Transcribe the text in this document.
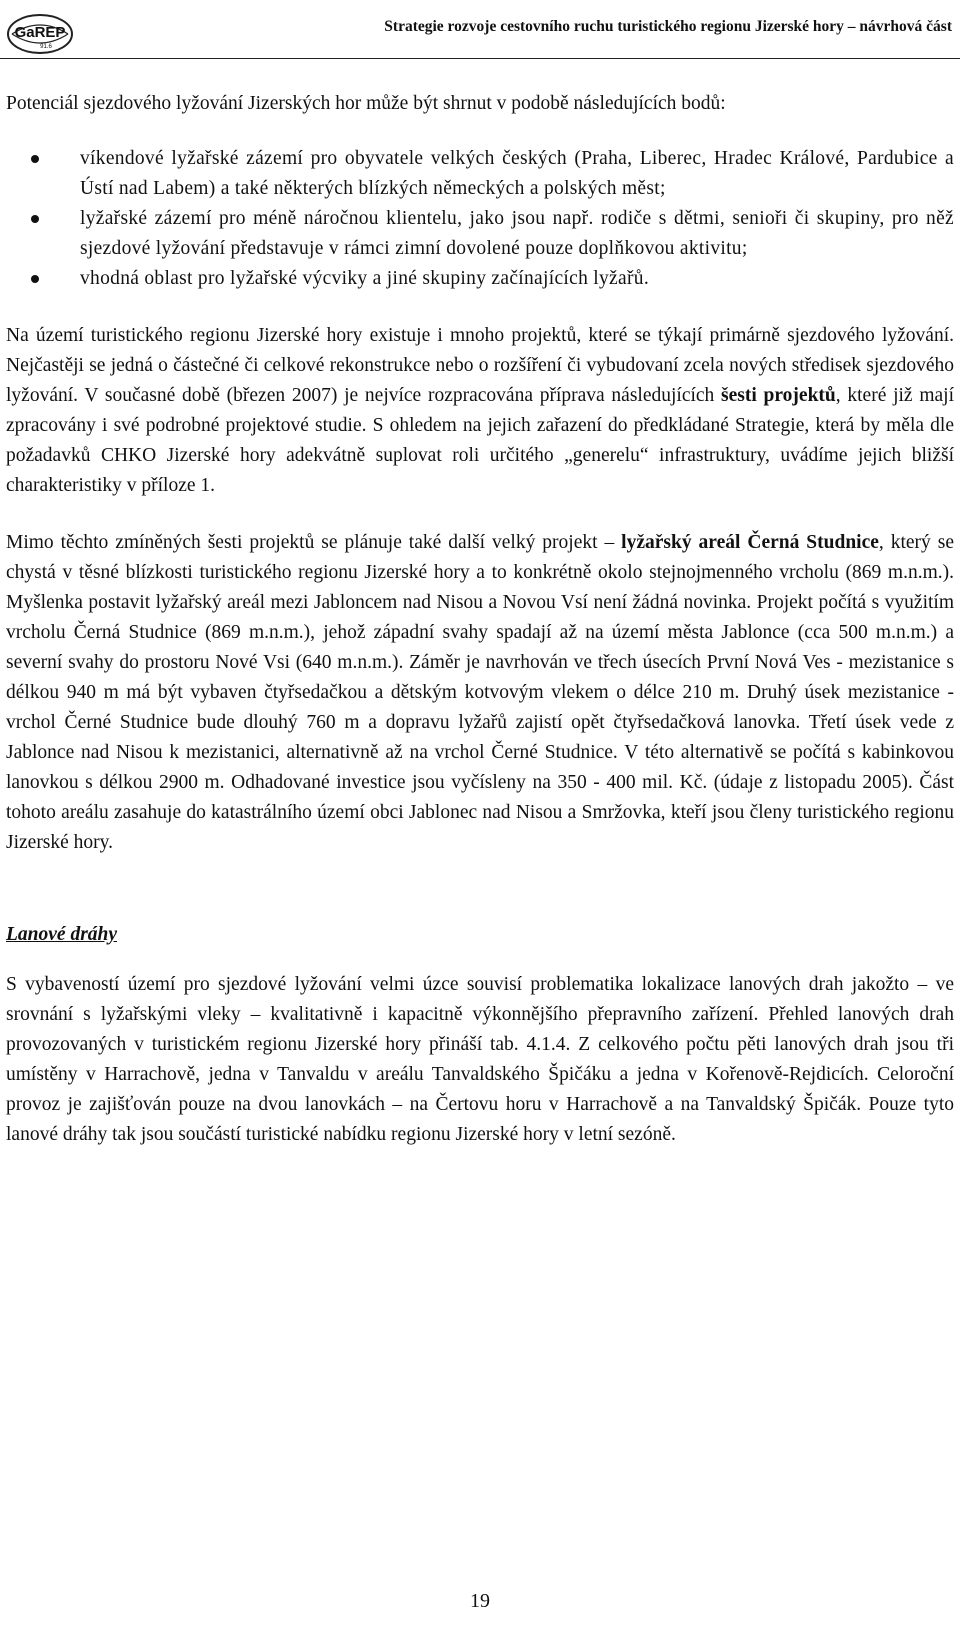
GaREP
91.6
Strategie rozvoje cestovního ruchu turistického regionu Jizerské hory – návrhová část

Potenciál sjezdového lyžování Jizerských hor může být shrnut v podobě následujících bodů:

víkendové lyžařské zázemí pro obyvatele velkých českých (Praha, Liberec, Hradec Králové, Pardubice a Ústí nad Labem) a také některých blízkých německých a polských měst;
lyžařské zázemí pro méně náročnou klientelu, jako jsou např. rodiče s dětmi, senioři či skupiny, pro něž sjezdové lyžování představuje v rámci zimní dovolené pouze doplňkovou aktivitu;
vhodná oblast pro lyžařské výcviky a jiné skupiny začínajících lyžařů.

Na území turistického regionu Jizerské hory existuje i mnoho projektů, které se týkají primárně sjezdového lyžování. Nejčastěji se jedná o částečné či celkové rekonstrukce nebo o rozšíření či vybudovaní zcela nových středisek sjezdového lyžování. V současné době (březen 2007) je nejvíce rozpracována příprava následujících šesti projektů, které již mají zpracovány i své podrobné projektové studie. S ohledem na jejich zařazení do předkládané Strategie, která by měla dle požadavků CHKO Jizerské hory adekvátně suplovat roli určitého „generelu“ infrastruktury, uvádíme jejich bližší charakteristiky v příloze 1.

Mimo těchto zmíněných šesti projektů se plánuje také další velký projekt – lyžařský areál Černá Studnice, který se chystá v těsné blízkosti turistického regionu Jizerské hory a to konkrétně okolo stejnojmenného vrcholu (869 m.n.m.). Myšlenka postavit lyžařský areál mezi Jabloncem nad Nisou a Novou Vsí není žádná novinka. Projekt počítá s využitím vrcholu Černá Studnice (869 m.n.m.), jehož západní svahy spadají až na území města Jablonce (cca 500 m.n.m.) a severní svahy do prostoru Nové Vsi (640 m.n.m.). Záměr je navrhován ve třech úsecích První Nová Ves - mezistanice s délkou 940 m má být vybaven čtyřsedačkou a dětským kotvovým vlekem o délce 210 m. Druhý úsek mezistanice - vrchol Černé Studnice bude dlouhý 760 m a dopravu lyžařů zajistí opět čtyřsedačková lanovka. Třetí úsek vede z Jablonce nad Nisou k mezistanici, alternativně až na vrchol Černé Studnice. V této alternativě se počítá s kabinkovou lanovkou s délkou 2900 m. Odhadované investice jsou vyčísleny na 350 - 400 mil. Kč. (údaje z listopadu 2005). Část tohoto areálu zasahuje do katastrálního území obci Jablonec nad Nisou a Smržovka, kteří jsou členy turistického regionu Jizerské hory.

Lanové dráhy

S vybaveností území pro sjezdové lyžování velmi úzce souvisí problematika lokalizace lanových drah jakožto – ve srovnání s lyžařskými vleky – kvalitativně i kapacitně výkonnějšího přepravního zařízení. Přehled lanových drah provozovaných v turistickém regionu Jizerské hory přináší tab. 4.1.4. Z celkového počtu pěti lanových drah jsou tři umístěny v Harrachově, jedna v Tanvaldu v areálu Tanvaldského Špičáku a jedna v Kořenově-Rejdicích. Celoroční provoz je zajišťován pouze na dvou lanovkách – na Čertovu horu v Harrachově a na Tanvaldský Špičák. Pouze tyto lanové dráhy tak jsou součástí turistické nabídku regionu Jizerské hory v letní sezóně.

19
